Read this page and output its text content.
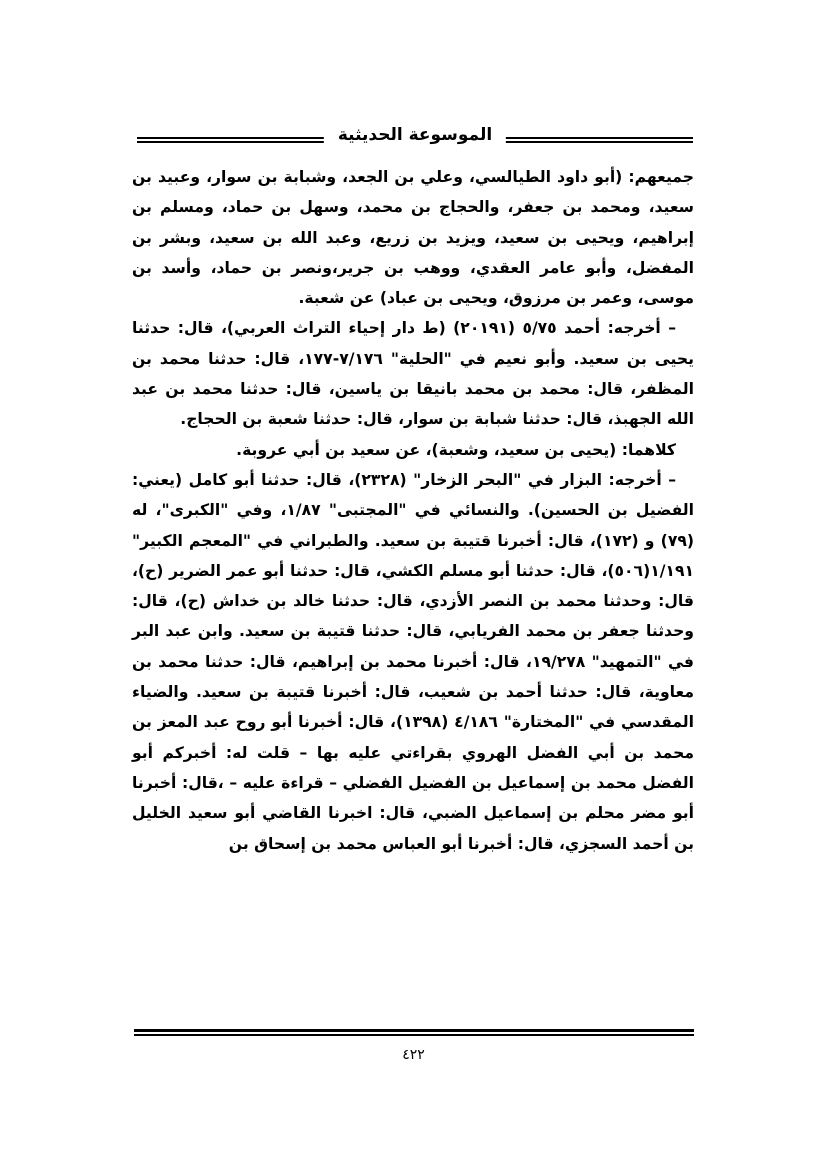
الموسوعة الحديثية

جميعهم: (أبو داود الطيالسي، وعلي بن الجعد، وشبابة بن سوار، وعبيد بن سعيد، ومحمد بن جعفر، والحجاج بن محمد، وسهل بن حماد، ومسلم بن إبراهيم، ويحيى بن سعيد، ويزيد بن زريع، وعبد الله بن سعيد، وبشر بن المفضل، وأبو عامر العقدي، ووهب بن جرير،ونصر بن حماد، وأسد بن موسى، وعمر بن مرزوق، ويحيى بن عباد) عن شعبة.

– أخرجه: أحمد ٥/٧٥ (٢٠١٩١) (ط دار إحياء التراث العربي)، قال: حدثنا يحيى بن سعيد. وأبو نعيم في "الحلية" ٧/١٧٦-١٧٧، قال: حدثنا محمد بن المظفر، قال: محمد بن محمد بانيقا بن ياسين، قال: حدثنا محمد بن عبد الله الجهبذ، قال: حدثنا شبابة بن سوار، قال: حدثنا شعبة بن الحجاج.

كلاهما: (يحيى بن سعيد، وشعبة)، عن سعيد بن أبي عروبة.

– أخرجه: البزار في "البحر الزخار" (٢٣٢٨)، قال: حدثنا أبو كامل (يعني: الفضيل بن الحسين). والنسائي في "المجتبى" ١/٨٧، وفي "الكبرى"، له (٧٩) و (١٧٢)، قال: أخبرنا قتيبة بن سعيد. والطبراني في "المعجم الكبير" ١/١٩١(٥٠٦)، قال: حدثنا أبو مسلم الكشي، قال: حدثنا أبو عمر الضرير (ح)، قال: وحدثنا محمد بن النصر الأزدي، قال: حدثنا خالد بن خداش (ح)، قال: وحدثنا جعفر بن محمد الفريابي، قال: حدثنا قتيبة بن سعيد. وابن عبد البر في "التمهيد" ١٩/٢٧٨، قال: أخبرنا محمد بن إبراهيم، قال: حدثنا محمد بن معاوية، قال: حدثنا أحمد بن شعيب، قال: أخبرنا قتيبة بن سعيد. والضياء المقدسي في "المختارة" ٤/١٨٦ (١٣٩٨)، قال: أخبرنا أبو روح عبد المعز بن محمد بن أبي الفضل الهروي بقراءتي عليه بها – قلت له: أخبركم أبو الفضل محمد بن إسماعيل بن الفضيل الفضلي – قراءة عليه – ،قال: أخبرنا أبو مضر محلم بن إسماعيل الضبي، قال: اخبرنا القاضي أبو سعيد الخليل بن أحمد السجزي، قال: أخبرنا أبو العباس محمد بن إسحاق بن

٤٢٢
